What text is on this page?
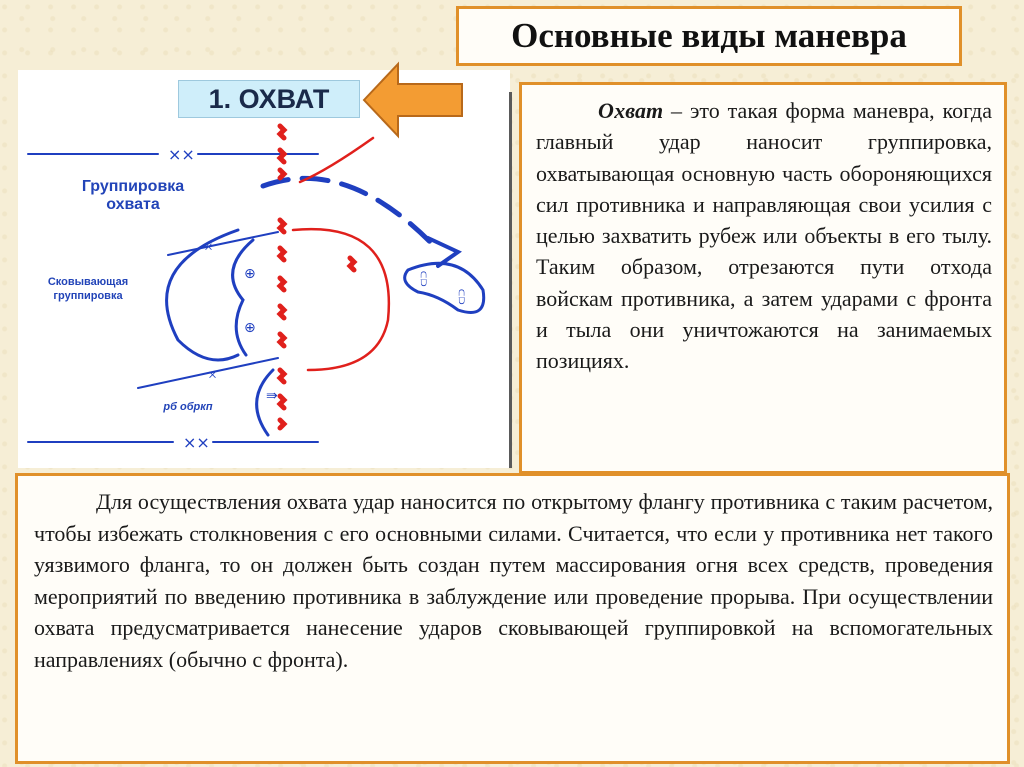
Основные виды маневра
××
××
×
×
⩉
⩉
⊕
⊕
⇛
1. ОХВАТ
Группировка охвата
Сковывающая
группировка
рб обркп
Охват – это такая форма маневра, когда главный удар наносит группировка, охватывающая основную часть обороняющихся сил противника и направляющая свои усилия с целью захватить рубеж или объекты в его тылу. Таким образом, отрезаются пути отхода войскам противника, а затем ударами с фронта и тыла они уничтожаются на занимаемых позициях.
Для осуществления охвата удар наносится по открытому флангу противника с таким расчетом, чтобы избежать столкновения с его основными силами. Считается, что если у противника нет такого уязвимого фланга, то он должен быть создан путем массирования огня всех средств, проведения мероприятий по введению противника в заблуждение или проведение прорыва. При осуществлении охвата предусматривается нанесение ударов сковывающей группировкой на вспомогательных направлениях (обычно с фронта).
